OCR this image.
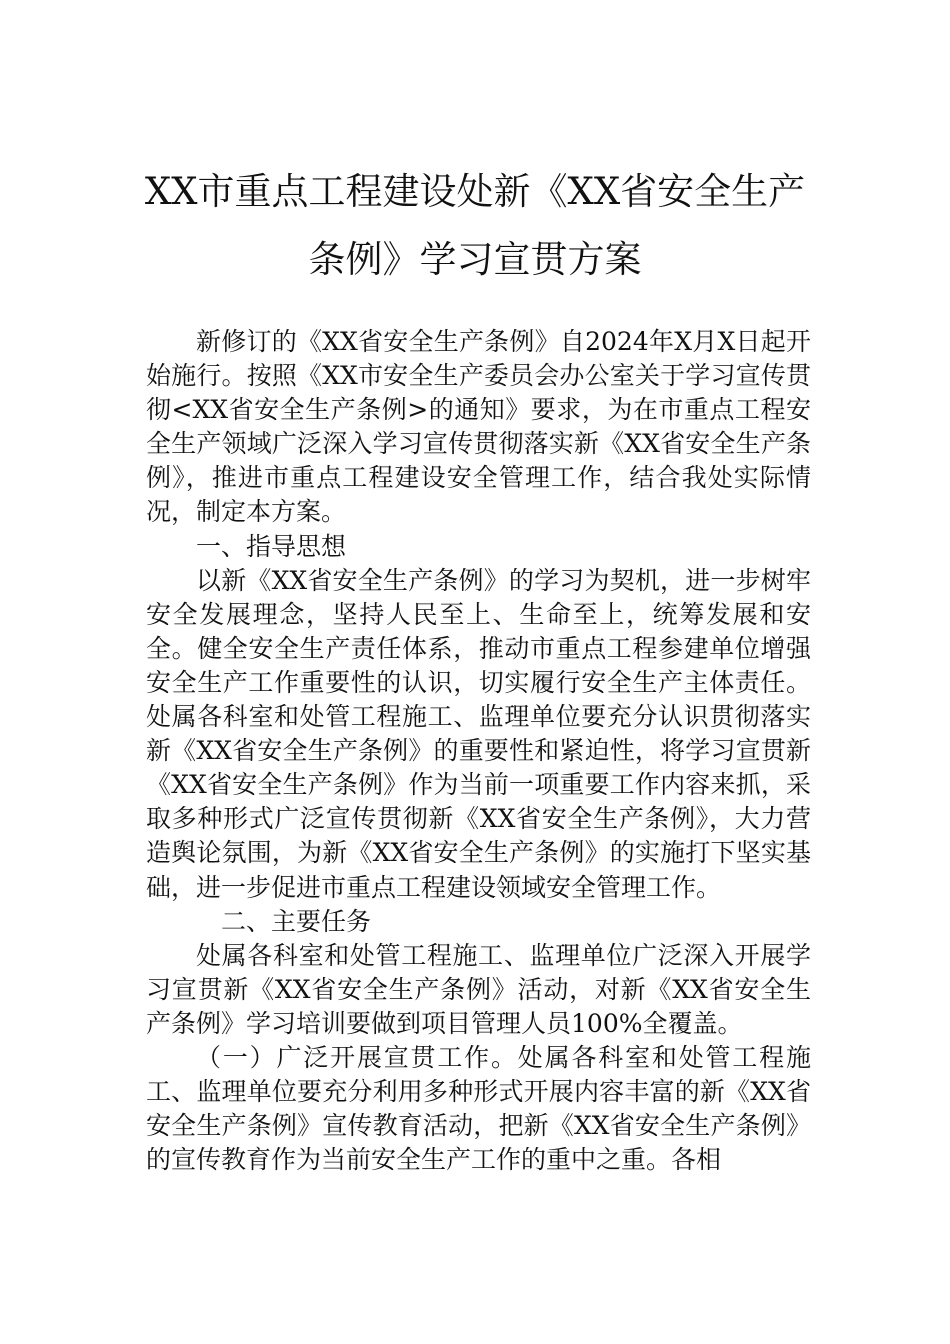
XX市重点工程建设处新《XX省安全生产
条例》学习宣贯方案

新修订的《XX省安全生产条例》自2024年X月X日起开始施行。按照《XX市安全生产委员会办公室关于学习宣传贯彻<XX省安全生产条例>的通知》要求，为在市重点工程安全生产领域广泛深入学习宣传贯彻落实新《XX省安全生产条例》，推进市重点工程建设安全管理工作，结合我处实际情况，制定本方案。

一、指导思想

以新《XX省安全生产条例》的学习为契机，进一步树牢安全发展理念，坚持人民至上、生命至上，统筹发展和安全。健全安全生产责任体系，推动市重点工程参建单位增强安全生产工作重要性的认识，切实履行安全生产主体责任。处属各科室和处管工程施工、监理单位要充分认识贯彻落实新《XX省安全生产条例》的重要性和紧迫性，将学习宣贯新《XX省安全生产条例》作为当前一项重要工作内容来抓，采取多种形式广泛宣传贯彻新《XX省安全生产条例》，大力营造舆论氛围，为新《XX省安全生产条例》的实施打下坚实基础，进一步促进市重点工程建设领域安全管理工作。

二、主要任务

处属各科室和处管工程施工、监理单位广泛深入开展学习宣贯新《XX省安全生产条例》活动，对新《XX省安全生产条例》学习培训要做到项目管理人员100%全覆盖。

（一）广泛开展宣贯工作。处属各科室和处管工程施工、监理单位要充分利用多种形式开展内容丰富的新《XX省安全生产条例》宣传教育活动，把新《XX省安全生产条例》的宣传教育作为当前安全生产工作的重中之重。各相
